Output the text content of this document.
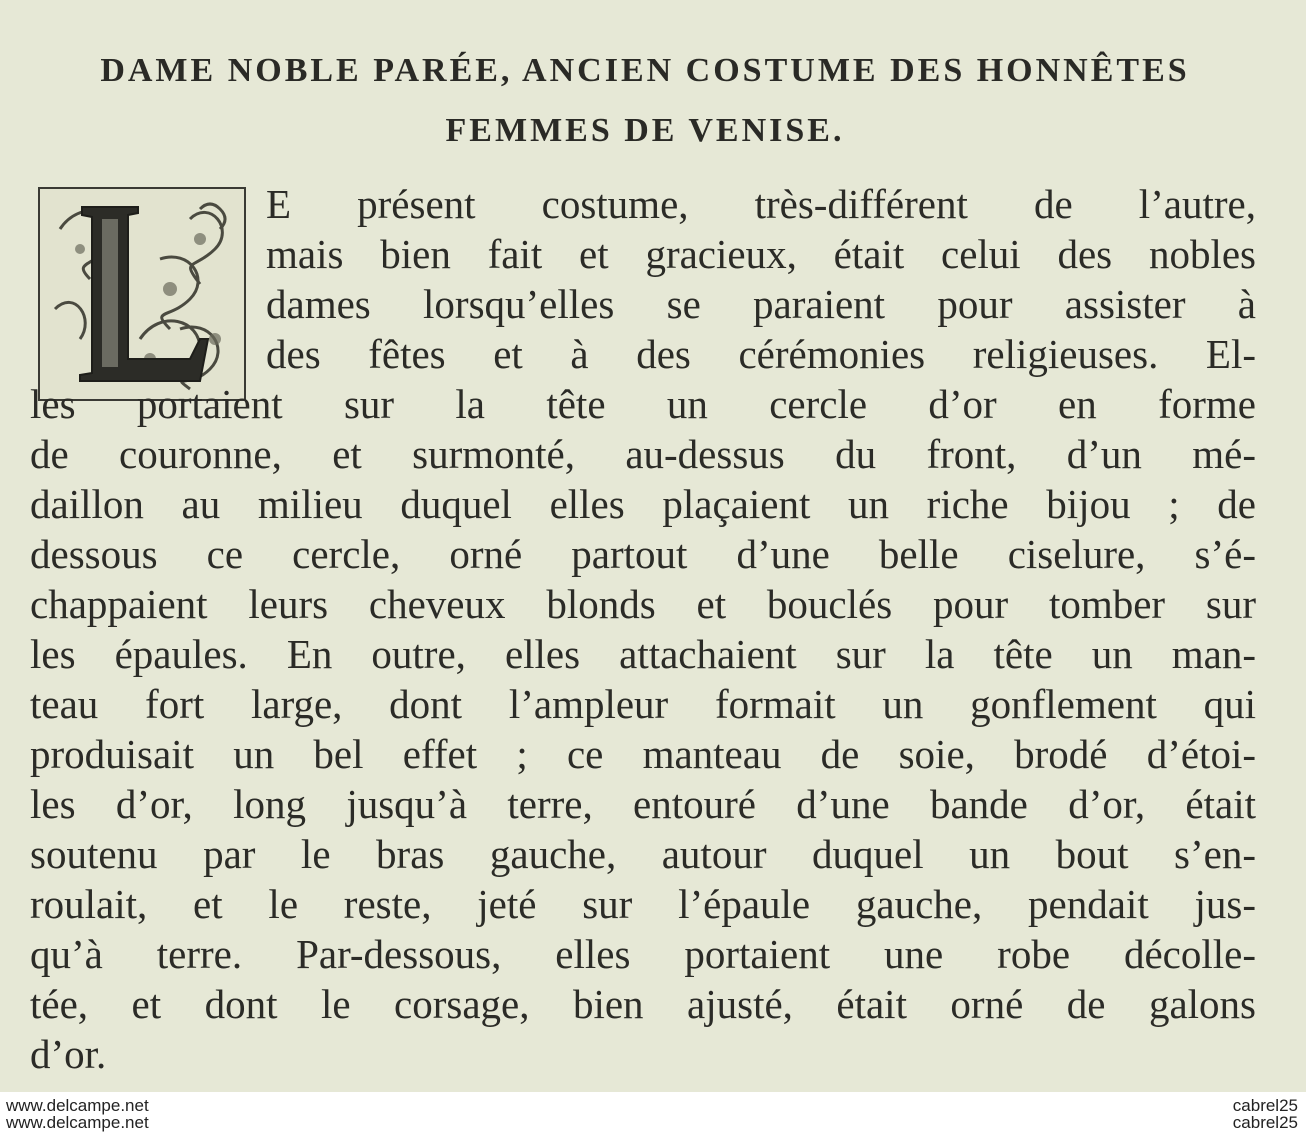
DAME NOBLE PARÉE, ANCIEN COSTUME DES HONNÊTES
FEMMES DE VENISE.
E présent costume, très-différent de l’autre,
mais bien fait et gracieux, était celui des nobles
dames lorsqu’elles se paraient pour assister à
des fêtes et à des cérémonies religieuses. El-
les portaient sur la tête un cercle d’or en forme
de couronne, et surmonté, au-dessus du front, d’un mé-
daillon au milieu duquel elles plaçaient un riche bijou ; de
dessous ce cercle, orné partout d’une belle ciselure, s’é-
chappaient leurs cheveux blonds et bouclés pour tomber sur
les épaules. En outre, elles attachaient sur la tête un man-
teau fort large, dont l’ampleur formait un gonflement qui
produisait un bel effet ; ce manteau de soie, brodé d’étoi-
les d’or, long jusqu’à terre, entouré d’une bande d’or, était
soutenu par le bras gauche, autour duquel un bout s’en-
roulait, et le reste, jeté sur l’épaule gauche, pendait jus-
qu’à terre. Par-dessous, elles portaient une robe décolle-
tée, et dont le corsage, bien ajusté, était orné de galons
d’or.
www.delcampe.net
www.delcampe.net
cabrel25
cabrel25
